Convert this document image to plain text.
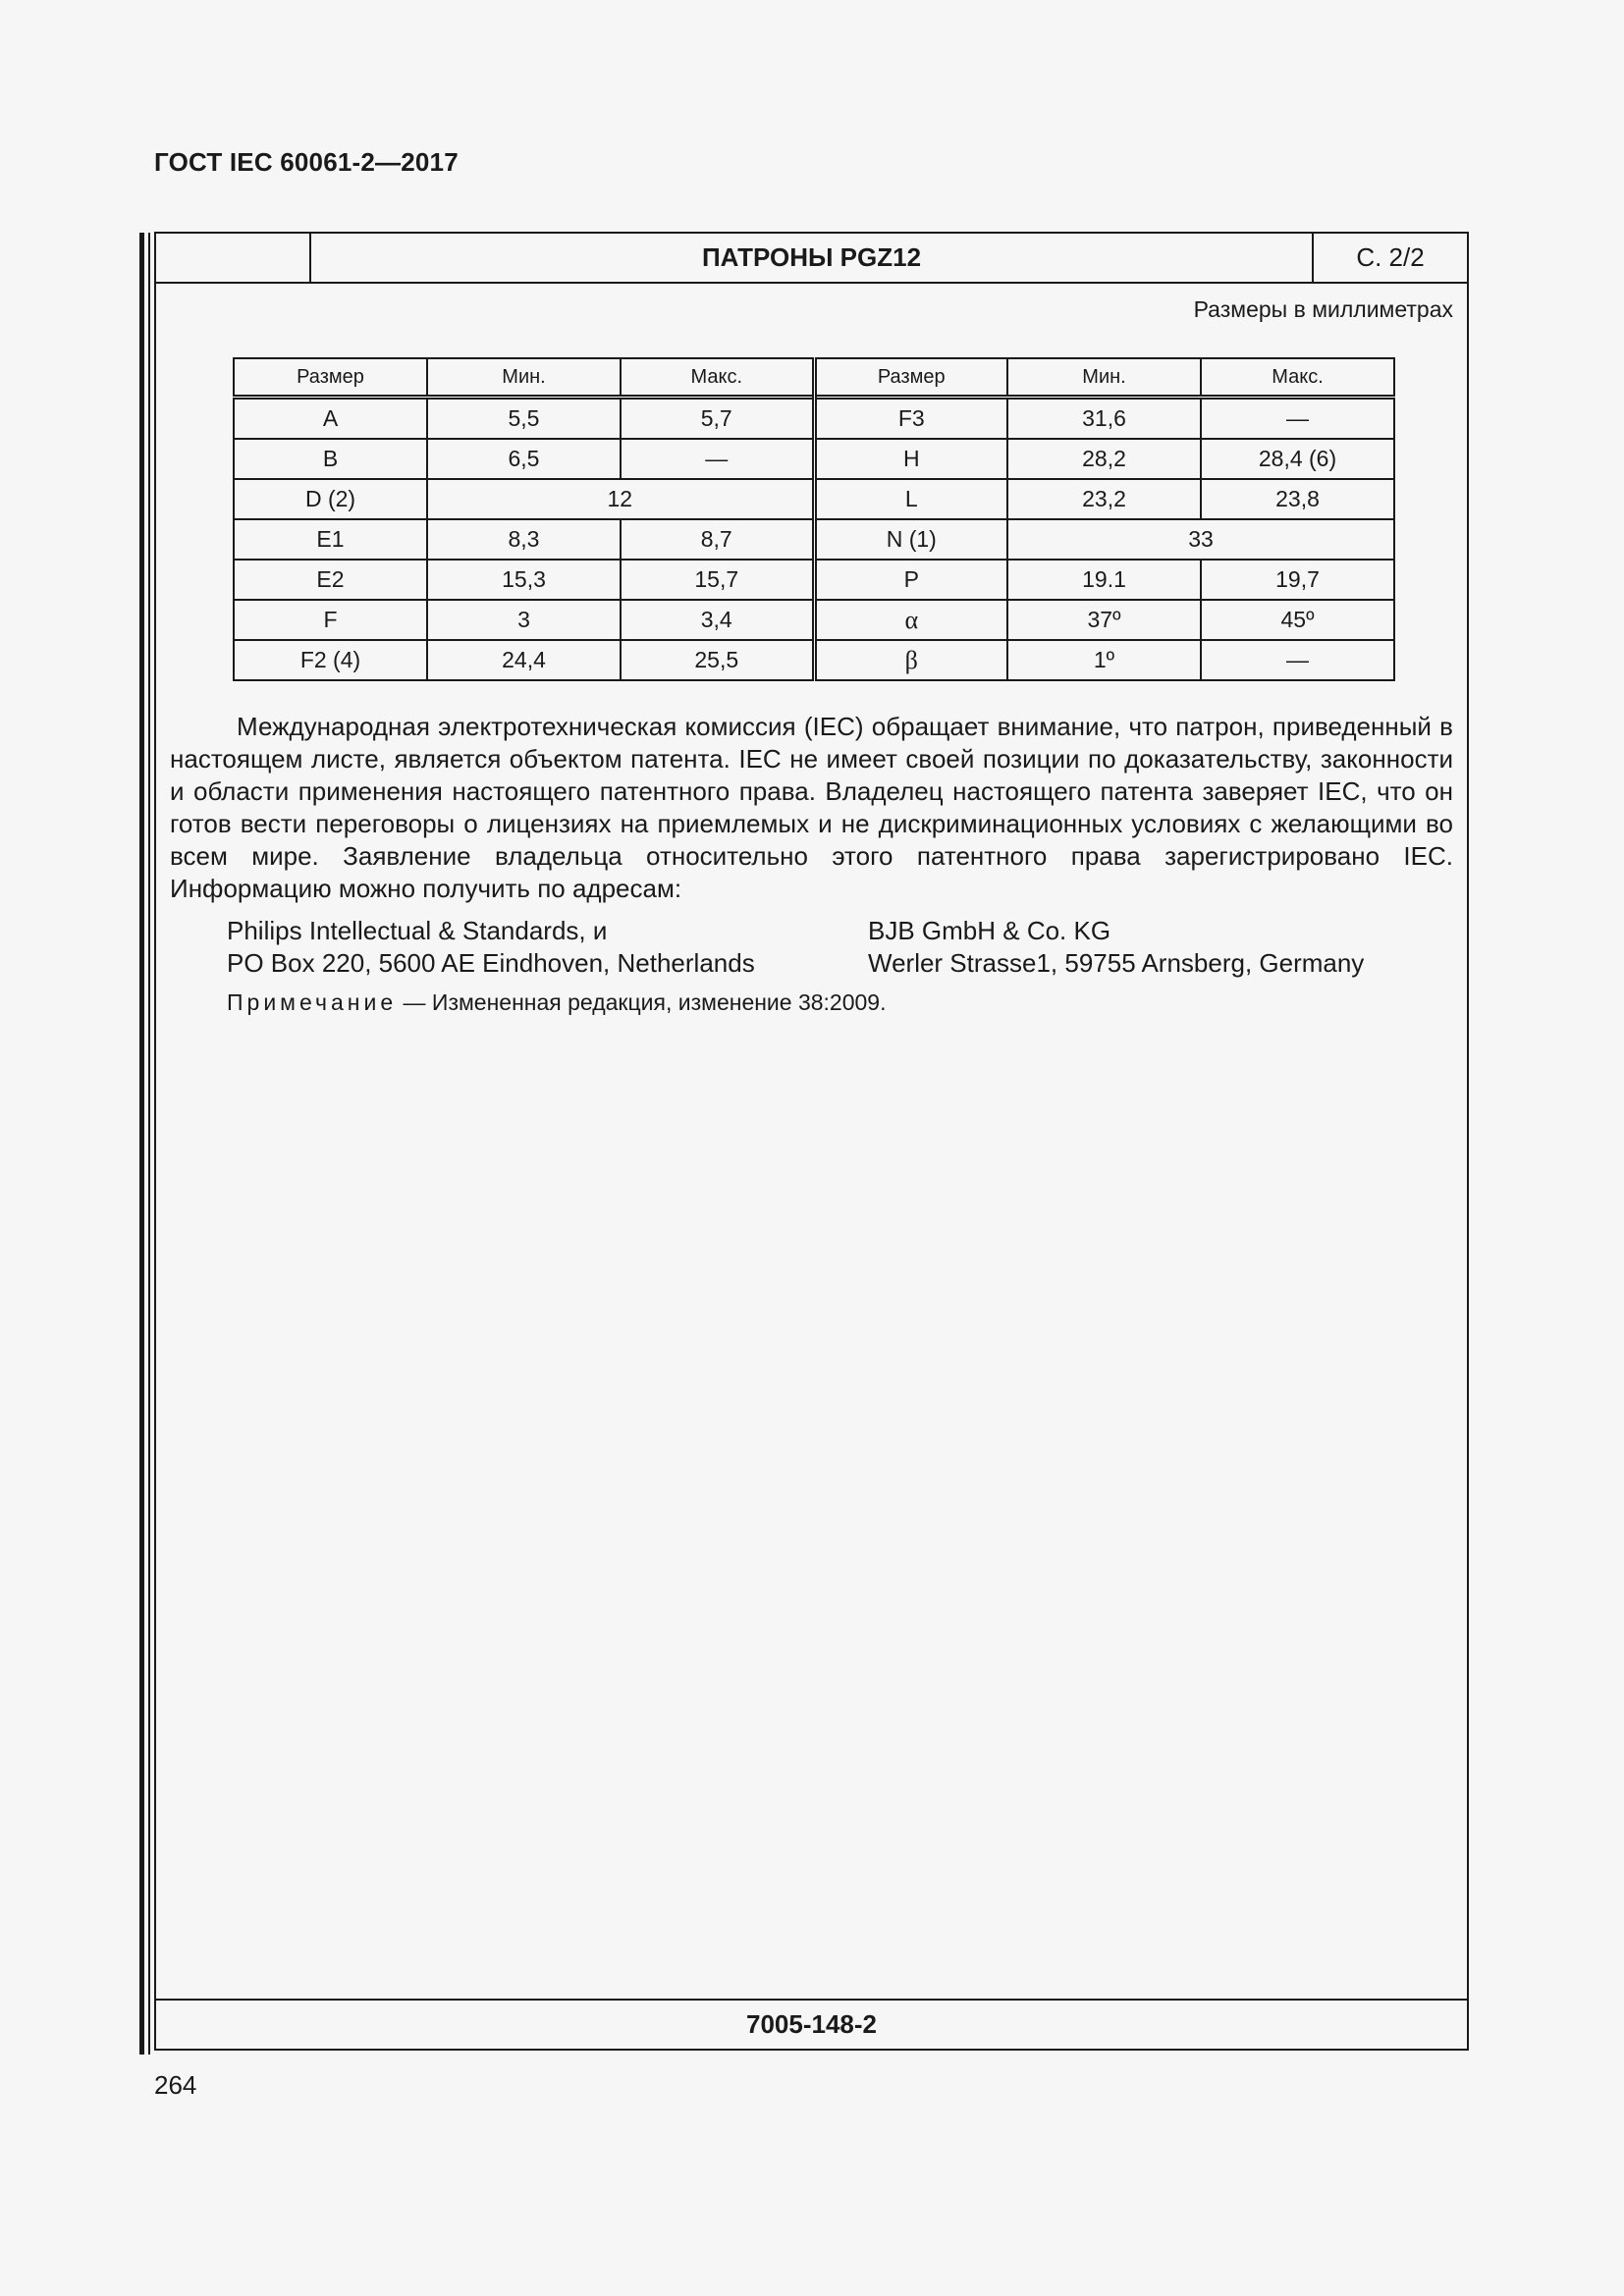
ГОСТ IEC 60061-2—2017
ПАТРОНЫ PGZ12	С. 2/2
Размеры в миллиметрах
Размер	Мин.	Макс.	Размер	Мин.	Макс.
A	5,5	5,7	F3	31,6	—
B	6,5	—	H	28,2	28,4 (6)
D (2)	12		L	23,2	23,8
E1	8,3	8,7	N (1)	33	
E2	15,3	15,7	P	19.1	19,7
F	3	3,4	α	37º	45º
F2 (4)	24,4	25,5	β	1º	—

Международная электротехническая комиссия (IEC) обращает внимание, что патрон, приведенный в настоящем листе, является объектом патента. IEC не имеет своей позиции по доказательству, законности и области применения настоящего патентного права. Владелец настоящего патента заверяет IEC, что он готов вести переговоры о лицензиях на приемлемых и не дискриминационных условиях с желающими во всем мире. Заявление владельца относительно этого патентного права зарегистрировано IEC. Информацию можно получить по адресам:

Philips Intellectual & Standards, и
PO Box 220, 5600 AE Eindhoven, Netherlands
BJB GmbH & Co. KG
Werler Strasse1, 59755 Arnsberg, Germany
Примечание — Измененная редакция, изменение 38:2009.
7005-148-2
264
